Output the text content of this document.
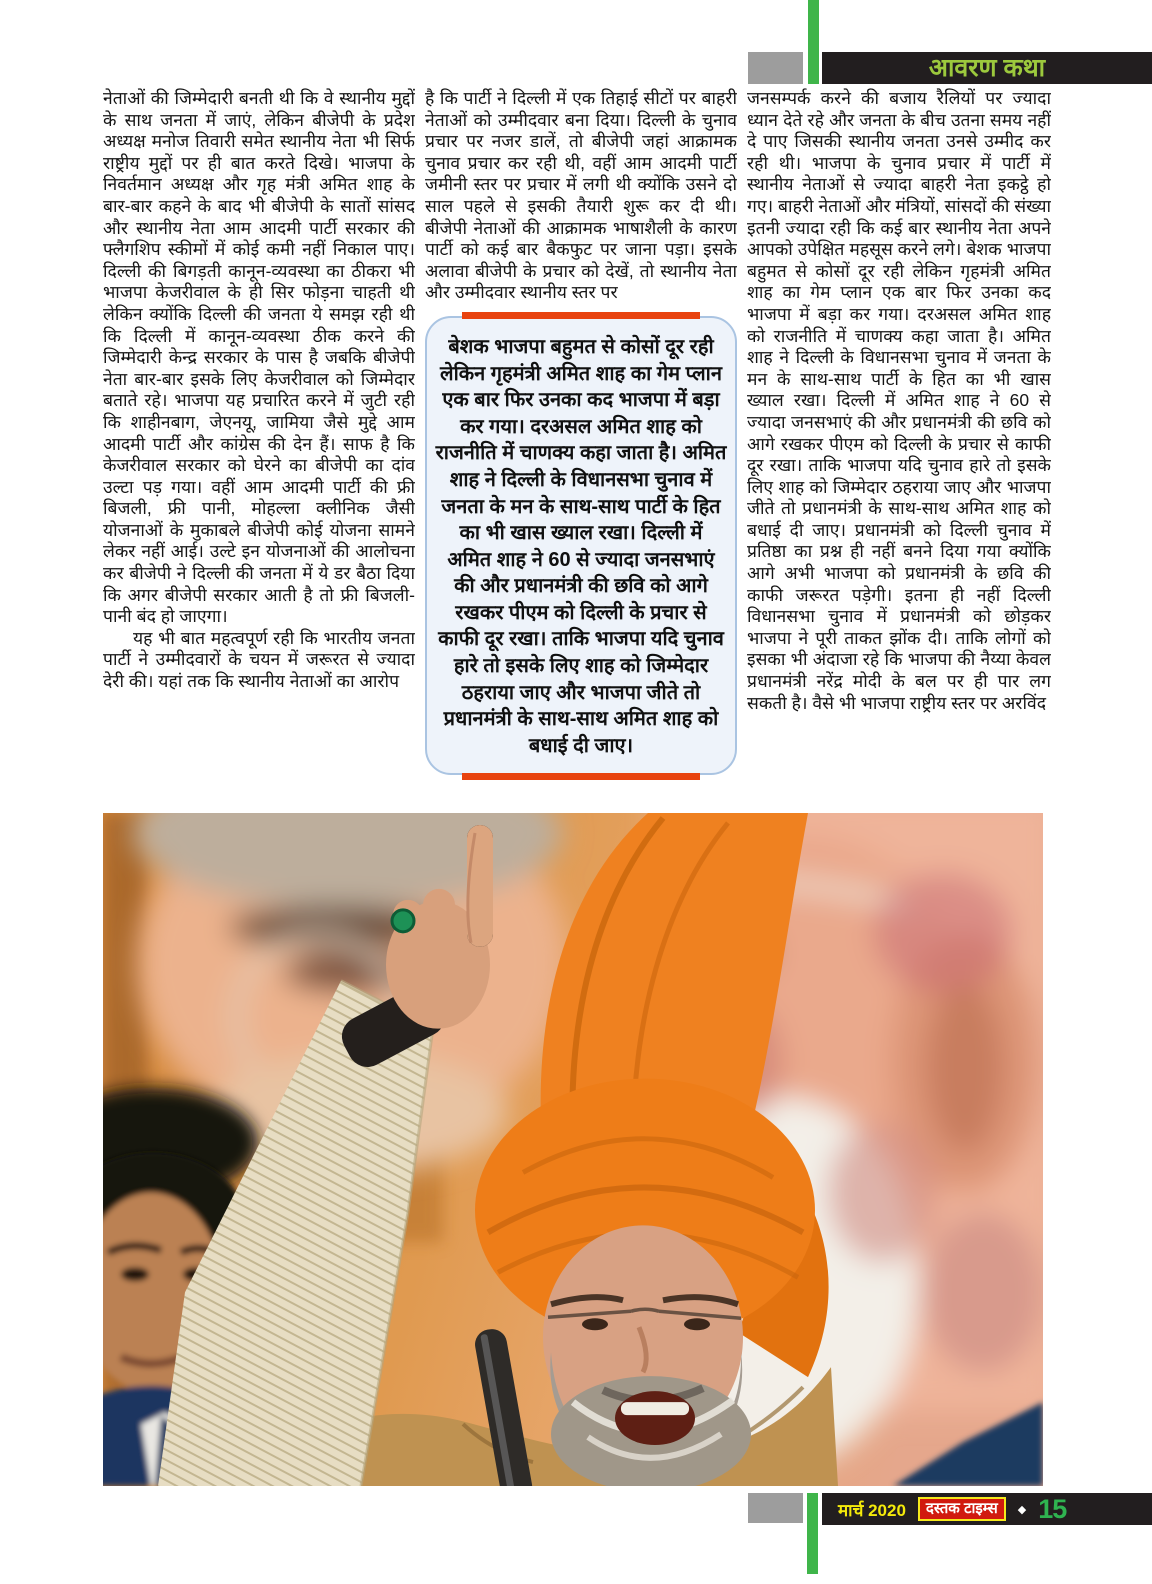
आवरण कथा

नेताओं की जिम्मेदारी बनती थी कि वे स्थानीय मुद्दों के साथ जनता में जाएं, लेकिन बीजेपी के प्रदेश अध्यक्ष मनोज तिवारी समेत स्थानीय नेता भी सिर्फ राष्ट्रीय मुद्दों पर ही बात करते दिखे। भाजपा के निवर्तमान अध्यक्ष और गृह मंत्री अमित शाह के बार-बार कहने के बाद भी बीजेपी के सातों सांसद और स्थानीय नेता आम आदमी पार्टी सरकार की फ्लैगशिप स्कीमों में कोई कमी नहीं निकाल पाए। दिल्ली की बिगड़ती कानून-व्यवस्था का ठीकरा भी भाजपा केजरीवाल के ही सिर फोड़ना चाहती थी लेकिन क्योंकि दिल्ली की जनता ये समझ रही थी कि दिल्ली में कानून-व्यवस्था ठीक करने की जिम्मेदारी केन्द्र सरकार के पास है जबकि बीजेपी नेता बार-बार इसके लिए केजरीवाल को जिम्मेदार बताते रहे। भाजपा यह प्रचारित करने में जुटी रही कि शाहीनबाग, जेएनयू, जामिया जैसे मुद्दे आम आदमी पार्टी और कांग्रेस की देन हैं। साफ है कि केजरीवाल सरकार को घेरने का बीजेपी का दांव उल्टा पड़ गया। वहीं आम आदमी पार्टी की फ्री बिजली, फ्री पानी, मोहल्ला क्लीनिक जैसी योजनाओं के मुकाबले बीजेपी कोई योजना सामने लेकर नहीं आई। उल्टे इन योजनाओं की आलोचना कर बीजेपी ने दिल्ली की जनता में ये डर बैठा दिया कि अगर बीजेपी सरकार आती है तो फ्री बिजली-पानी बंद हो जाएगा।

यह भी बात महत्वपूर्ण रही कि भारतीय जनता पार्टी ने उम्मीदवारों के चयन में जरूरत से ज्यादा देरी की। यहां तक कि स्थानीय नेताओं का आरोप

है कि पार्टी ने दिल्ली में एक तिहाई सीटों पर बाहरी नेताओं को उम्मीदवार बना दिया। दिल्ली के चुनाव प्रचार पर नजर डालें, तो बीजेपी जहां आक्रामक चुनाव प्रचार कर रही थी, वहीं आम आदमी पार्टी जमीनी स्तर पर प्रचार में लगी थी क्योंकि उसने दो साल पहले से इसकी तैयारी शुरू कर दी थी। बीजेपी नेताओं की आक्रामक भाषाशैली के कारण पार्टी को कई बार बैकफुट पर जाना पड़ा। इसके अलावा बीजेपी के प्रचार को देखें, तो स्थानीय नेता और उम्मीदवार स्थानीय स्तर पर

बेशक भाजपा बहुमत से कोसों दूर रही लेकिन गृहमंत्री अमित शाह का गेम प्लान एक बार फिर उनका कद भाजपा में बड़ा कर गया। दरअसल अमित शाह को राजनीति में चाणक्य कहा जाता है। अमित शाह ने दिल्ली के विधानसभा चुनाव में जनता के मन के साथ-साथ पार्टी के हित का भी खास ख्याल रखा। दिल्ली में अमित शाह ने 60 से ज्यादा जनसभाएं की और प्रधानमंत्री की छवि को आगे रखकर पीएम को दिल्ली के प्रचार से काफी दूर रखा। ताकि भाजपा यदि चुनाव हारे तो इसके लिए शाह को जिम्मेदार ठहराया जाए और भाजपा जीते तो प्रधानमंत्री के साथ-साथ अमित शाह को बधाई दी जाए।

जनसम्पर्क करने की बजाय रैलियों पर ज्यादा ध्यान देते रहे और जनता के बीच उतना समय नहीं दे पाए जिसकी स्थानीय जनता उनसे उम्मीद कर रही थी। भाजपा के चुनाव प्रचार में पार्टी में स्थानीय नेताओं से ज्यादा बाहरी नेता इकट्ठे हो गए। बाहरी नेताओं और मंत्रियों, सांसदों की संख्या इतनी ज्यादा रही कि कई बार स्थानीय नेता अपने आपको उपेक्षित महसूस करने लगे। बेशक भाजपा बहुमत से कोसों दूर रही लेकिन गृहमंत्री अमित शाह का गेम प्लान एक बार फिर उनका कद भाजपा में बड़ा कर गया। दरअसल अमित शाह को राजनीति में चाणक्य कहा जाता है। अमित शाह ने दिल्ली के विधानसभा चुनाव में जनता के मन के साथ-साथ पार्टी के हित का भी खास ख्याल रखा। दिल्ली में अमित शाह ने 60 से ज्यादा जनसभाएं की और प्रधानमंत्री की छवि को आगे रखकर पीएम को दिल्ली के प्रचार से काफी दूर रखा। ताकि भाजपा यदि चुनाव हारे तो इसके लिए शाह को जिम्मेदार ठहराया जाए और भाजपा जीते तो प्रधानमंत्री के साथ-साथ अमित शाह को बधाई दी जाए। प्रधानमंत्री को दिल्ली चुनाव में प्रतिष्ठा का प्रश्न ही नहीं बनने दिया गया क्योंकि आगे अभी भाजपा को प्रधानमंत्री के छवि की काफी जरूरत पड़ेगी। इतना ही नहीं दिल्ली विधानसभा चुनाव में प्रधानमंत्री को छोड़कर भाजपा ने पूरी ताकत झोंक दी। ताकि लोगों को इसका भी अंदाजा रहे कि भाजपा की नैय्या केवल प्रधानमंत्री नरेंद्र मोदी के बल पर ही पार लग सकती है। वैसे भी भाजपा राष्ट्रीय स्तर पर अरविंद

मार्च 2020	दस्तक टाइम्स	◆ 15
